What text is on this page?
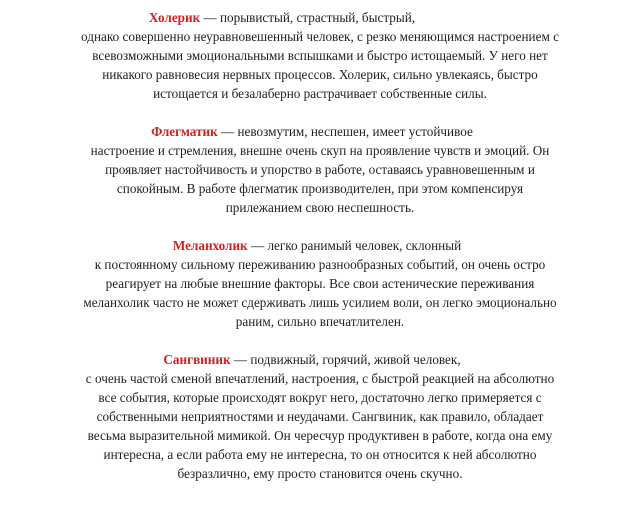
Холерик — порывистый, страстный, быстрый,
однако совершенно неуравновешенный человек, с резко меняющимся настроением с
всевозможными эмоциональными вспышками и быстро истощаемый. У него нет
никакого равновесия нервных процессов. Холерик, сильно увлекаясь, быстро
истощается и безалаберно растрачивает собственные силы.
Флегматик — невозмутим, неспешен, имеет устойчивое
настроение и стремления, внешне очень скуп на проявление чувств и эмоций. Он
проявляет настойчивость и упорство в работе, оставаясь уравновешенным и
спокойным. В работе флегматик производителен, при этом компенсируя
прилежанием свою неспешность.
Меланхолик — легко ранимый человек, склонный
к постоянному сильному переживанию разнообразных событий, он очень остро
реагирует на любые внешние факторы. Все свои астенические переживания
меланхолик часто не может сдерживать лишь усилием воли, он легко эмоционально
раним, сильно впечатлителен.
Сангвиник — подвижный, горячий, живой человек,
с очень частой сменой впечатлений, настроения, с быстрой реакцией на абсолютно
все события, которые происходят вокруг него, достаточно легко примеряется с
собственными неприятностями и неудачами. Сангвиник, как правило, обладает
весьма выразительной мимикой. Он чересчур продуктивен в работе, когда она ему
интересна, а если работа ему не интересна, то он относится к ней абсолютно
безразлично, ему просто становится очень скучно.
